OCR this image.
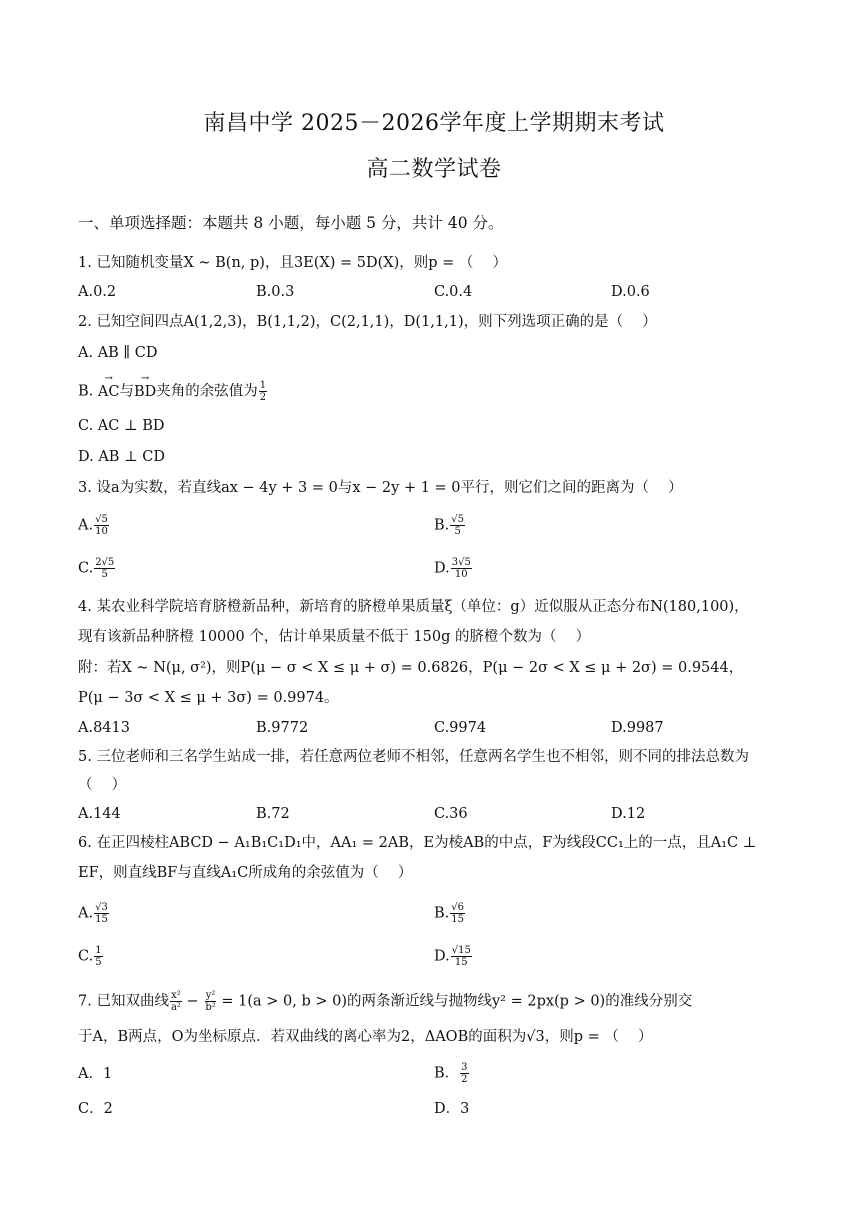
南昌中学 2025－2026学年度上学期期末考试
高二数学试卷
一、单项选择题：本题共 8 小题，每小题 5 分，共计 40 分。
1. 已知随机变量X ~ B(n, p)，且3E(X) = 5D(X)，则p = （　 ）
A.0.2	B.0.3	C.0.4	D.0.6
2. 已知空间四点A(1,2,3)，B(1,1,2)，C(2,1,1)，D(1,1,1)，则下列选项正确的是（　 ）
A. AB ∥ CD
B. → AC与→ BD夹角的余弦值为 $\frac{1}{2}$
C. AC ⊥ BD
D. AB ⊥ CD
3. 设a为实数，若直线ax − 4y + 3 = 0与x − 2y + 1 = 0平行，则它们之间的距离为（　 ）
A. $\frac{√5}{10}$	B. $\frac{√5}{5}$
C. $\frac{2√5}{5}$	D. $\frac{3√5}{10}$
4. 某农业科学院培育脐橙新品种，新培育的脐橙单果质量ξ（单位：g）近似服从正态分布N(180,100)，
现有该新品种脐橙 10000 个，估计单果质量不低于 150g 的脐橙个数为（　 ）
附：若X ~ N(μ, σ²)，则P(μ − σ < X ≤ μ + σ) = 0.6826，P(μ − 2σ < X ≤ μ + 2σ) = 0.9544，
P(μ − 3σ < X ≤ μ + 3σ) = 0.9974。
A.8413	B.9772	C.9974	D.9987
5. 三位老师和三名学生站成一排，若任意两位老师不相邻，任意两名学生也不相邻，则不同的排法总数为
（　 ）
A.144	B.72	C.36	D.12
6. 在正四棱柱ABCD − A₁B₁C₁D₁中，AA₁ = 2AB，E为棱AB的中点，F为线段CC₁上的一点，且A₁C ⊥
EF，则直线BF与直线A₁C所成角的余弦值为（　 ）
A. $\frac{√3}{15}$	B. $\frac{√6}{15}$
C. $\frac{1}{5}$	D. $\frac{√15}{15}$
7. 已知双曲线 $\frac{\text{x²}}{\text{a²}} - \frac{\text{y²}}{\text{b²}} = 1(a > 0$, b > 0)的两条渐近线与抛物线y² = 2px(p > 0)的准线分别交
于A，B两点，O为坐标原点．若双曲线的离心率为2，ΔAOB的面积为√3，则p = （　 ）
A．1	B． $\frac{3}{2}$
C．2	D．3
